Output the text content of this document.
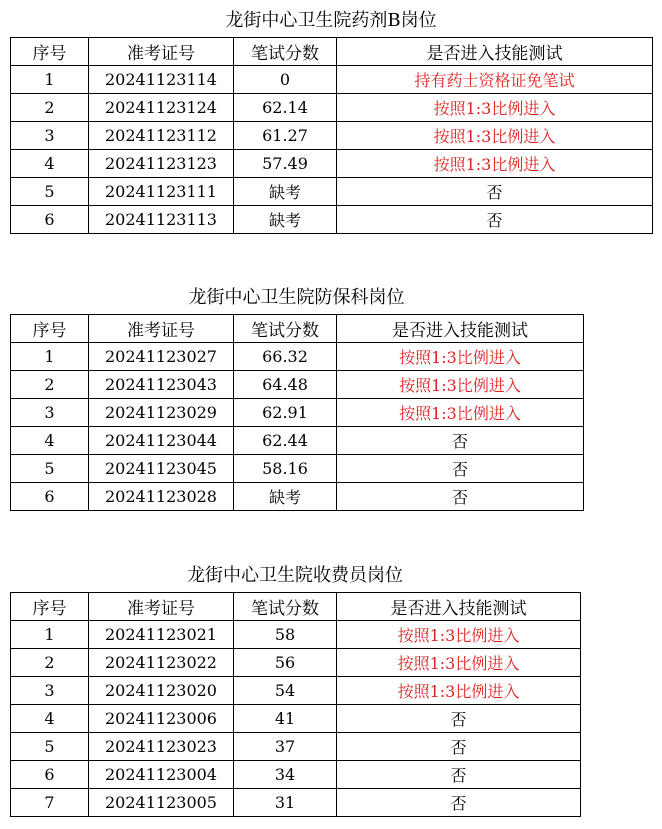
龙街中心卫生院药剂B岗位
序号	准考证号	笔试分数	是否进入技能测试
1	20241123114	0	持有药士资格证免笔试
2	20241123124	62.14	按照1:3比例进入
3	20241123112	61.27	按照1:3比例进入
4	20241123123	57.49	按照1:3比例进入
5	20241123111	缺考	否
6	20241123113	缺考	否
龙街中心卫生院防保科岗位
序号	准考证号	笔试分数	是否进入技能测试
1	20241123027	66.32	按照1:3比例进入
2	20241123043	64.48	按照1:3比例进入
3	20241123029	62.91	按照1:3比例进入
4	20241123044	62.44	否
5	20241123045	58.16	否
6	20241123028	缺考	否
龙街中心卫生院收费员岗位
序号	准考证号	笔试分数	是否进入技能测试
1	20241123021	58	按照1:3比例进入
2	20241123022	56	按照1:3比例进入
3	20241123020	54	按照1:3比例进入
4	20241123006	41	否
5	20241123023	37	否
6	20241123004	34	否
7	20241123005	31	否
